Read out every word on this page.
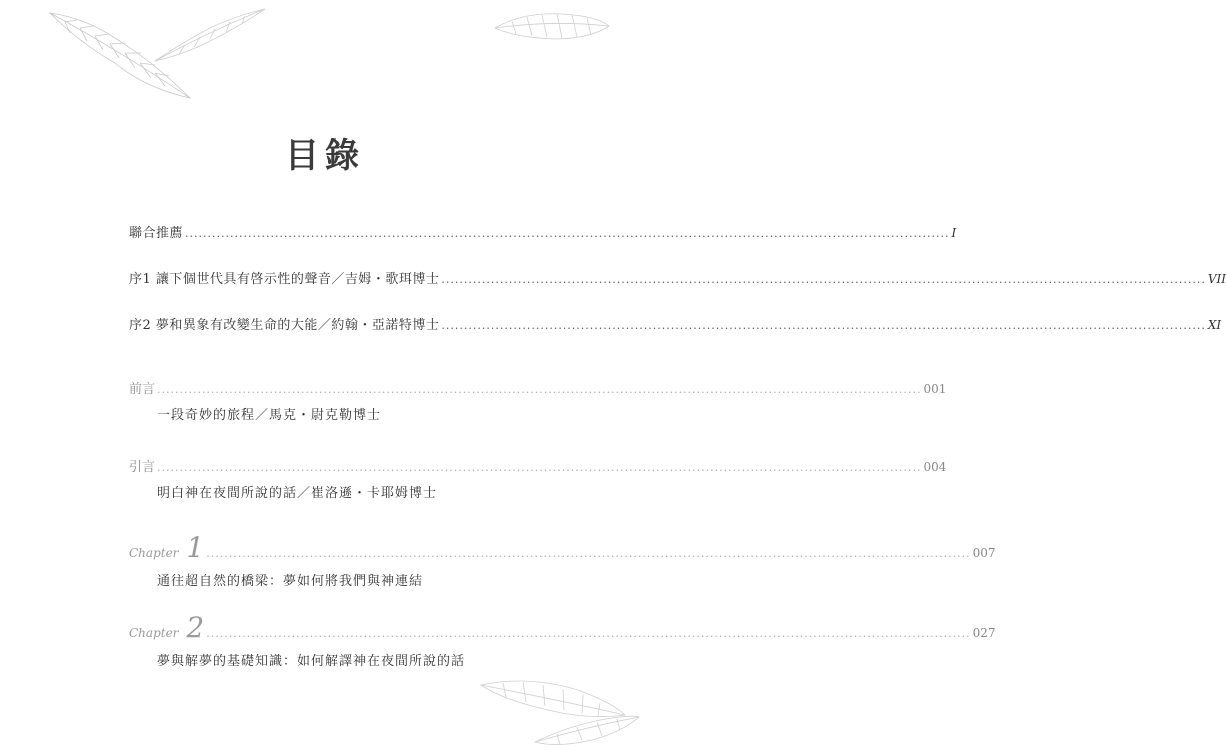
目錄
聯合推薦 .......................................................................................................................................................................... I
序1 讓下個世代具有啓示性的聲音／吉姆・歌珥博士 .......................................................................................................................................................................... VII
序2 夢和異象有改變生命的大能／約翰・亞諾特博士 .......................................................................................................................................................................... XI
前言 .......................................................................................................................................................................... 001
一段奇妙的旅程／馬克・尉克勒博士
引言 .......................................................................................................................................................................... 004
明白神在夜間所說的話／崔洛遜・卡耶姆博士
Chapter 1 .......................................................................................................................................................................... 007
通往超自然的橋梁：夢如何將我們與神連結
Chapter 2 .......................................................................................................................................................................... 027
夢與解夢的基礎知識：如何解譯神在夜間所說的話
